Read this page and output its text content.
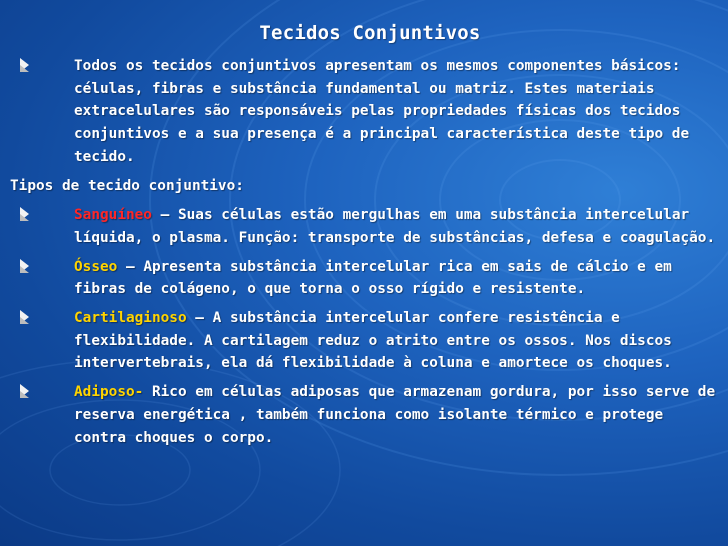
Tecidos Conjuntivos

Todos os tecidos conjuntivos apresentam os mesmos componentes básicos: células, fibras e substância fundamental ou matriz. Estes materiais extracelulares são responsáveis pelas propriedades físicas dos tecidos conjuntivos e a sua presença é a principal característica deste tipo de tecido.

Tipos de tecido conjuntivo:

Sanguíneo – Suas células estão mergulhas em uma substância intercelular líquida, o plasma. Função: transporte de substâncias, defesa e coagulação.

Ósseo – Apresenta substância intercelular rica em sais de cálcio e em fibras de colágeno, o que torna o osso rígido e resistente.

Cartilaginoso – A substância intercelular confere resistência e flexibilidade. A cartilagem reduz o atrito entre os ossos. Nos discos intervertebrais, ela dá flexibilidade à coluna e amortece os choques.

Adiposo- Rico em células adiposas que armazenam gordura, por isso serve de reserva energética , também funciona como isolante térmico e protege contra choques o corpo.
